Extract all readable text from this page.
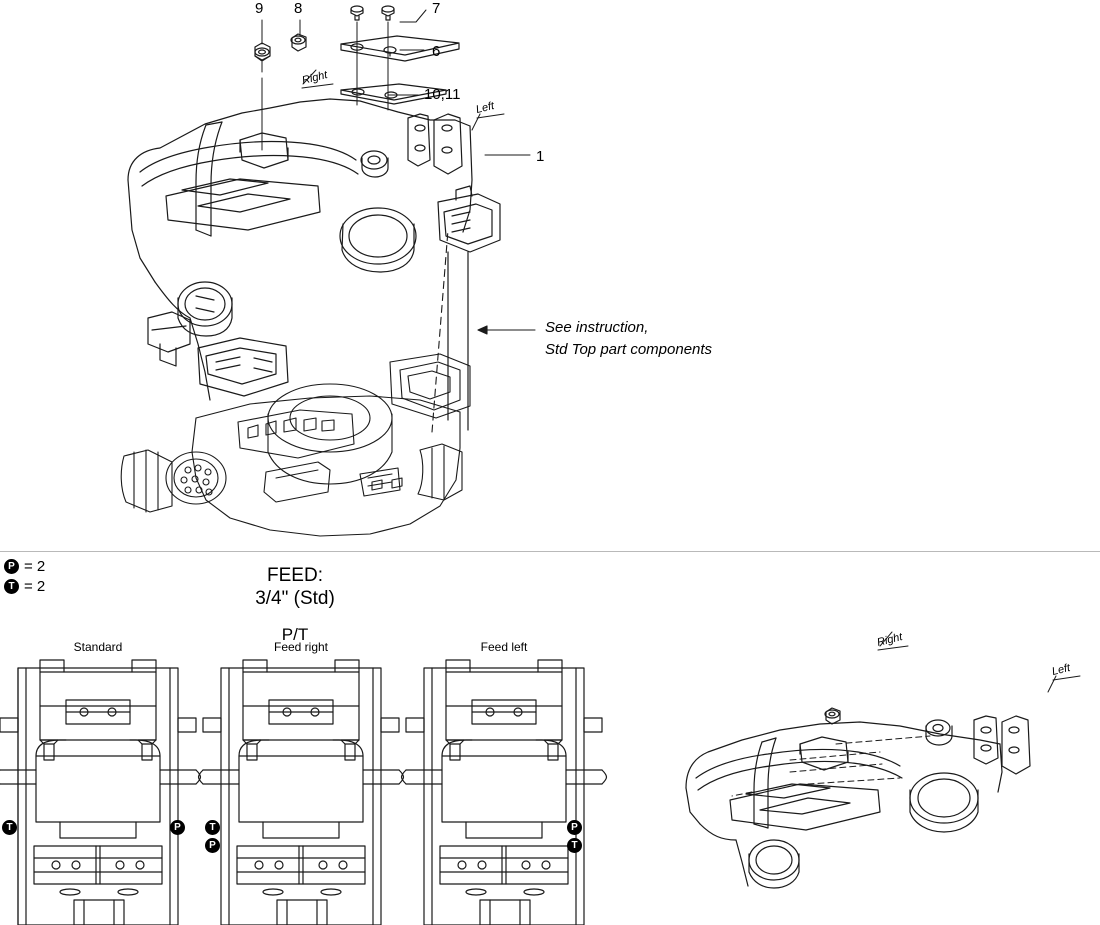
9 8	7
6
10,11
1
Right
Left
See instruction,
Std Top part components
P = 2
T = 2	FEED:
3/4" (Std)
P/T
Standard	Feed right	Feed left
T	P	T
P
P
T
Right
Left
